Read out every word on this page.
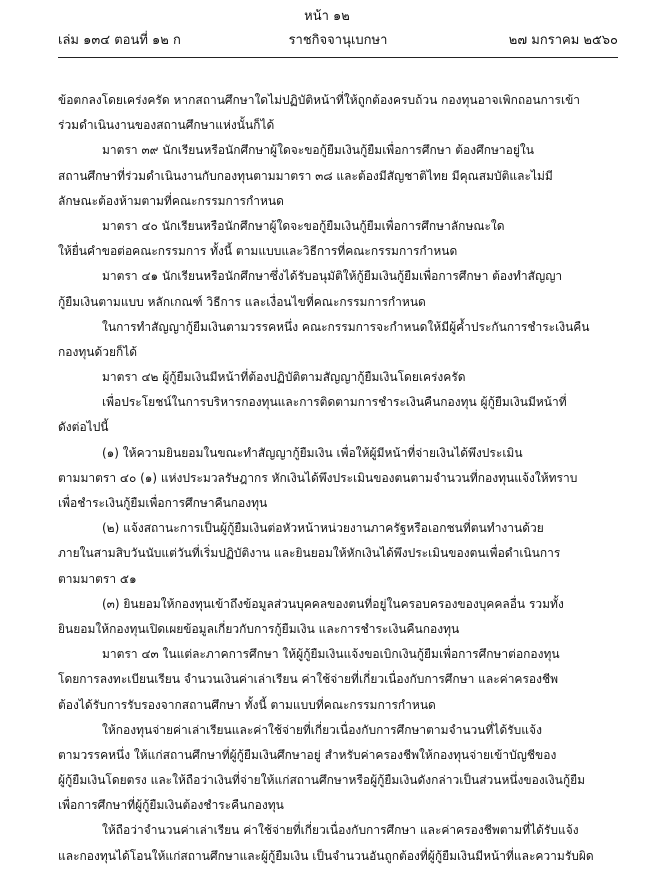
หน้า ๑๒
เล่ม ๑๓๔ ตอนที่ ๑๒ ก	ราชกิจจานุเบกษา	๒๗ มกราคม ๒๕๖๐
ข้อตกลงโดยเคร่งครัด หากสถานศึกษาใดไม่ปฏิบัติหน้าที่ให้ถูกต้องครบถ้วน กองทุนอาจเพิกถอนการเข้า
ร่วมดำเนินงานของสถานศึกษาแห่งนั้นก็ได้
มาตรา ๓๙ นักเรียนหรือนักศึกษาผู้ใดจะขอกู้ยืมเงินกู้ยืมเพื่อการศึกษา ต้องศึกษาอยู่ใน
สถานศึกษาที่ร่วมดำเนินงานกับกองทุนตามมาตรา ๓๘ และต้องมีสัญชาติไทย มีคุณสมบัติและไม่มี
ลักษณะต้องห้ามตามที่คณะกรรมการกำหนด
มาตรา ๔๐ นักเรียนหรือนักศึกษาผู้ใดจะขอกู้ยืมเงินกู้ยืมเพื่อการศึกษาลักษณะใด
ให้ยื่นคำขอต่อคณะกรรมการ ทั้งนี้ ตามแบบและวิธีการที่คณะกรรมการกำหนด
มาตรา ๔๑ นักเรียนหรือนักศึกษาซึ่งได้รับอนุมัติให้กู้ยืมเงินกู้ยืมเพื่อการศึกษา ต้องทำสัญญา
กู้ยืมเงินตามแบบ หลักเกณฑ์ วิธีการ และเงื่อนไขที่คณะกรรมการกำหนด
ในการทำสัญญากู้ยืมเงินตามวรรคหนึ่ง คณะกรรมการจะกำหนดให้มีผู้ค้ำประกันการชำระเงินคืน
กองทุนด้วยก็ได้
มาตรา ๔๒ ผู้กู้ยืมเงินมีหน้าที่ต้องปฏิบัติตามสัญญากู้ยืมเงินโดยเคร่งครัด
เพื่อประโยชน์ในการบริหารกองทุนและการติดตามการชำระเงินคืนกองทุน ผู้กู้ยืมเงินมีหน้าที่
ดังต่อไปนี้
(๑) ให้ความยินยอมในขณะทำสัญญากู้ยืมเงิน เพื่อให้ผู้มีหน้าที่จ่ายเงินได้พึงประเมิน
ตามมาตรา ๔๐ (๑) แห่งประมวลรัษฎากร หักเงินได้พึงประเมินของตนตามจำนวนที่กองทุนแจ้งให้ทราบ
เพื่อชำระเงินกู้ยืมเพื่อการศึกษาคืนกองทุน
(๒) แจ้งสถานะการเป็นผู้กู้ยืมเงินต่อหัวหน้าหน่วยงานภาครัฐหรือเอกชนที่ตนทำงานด้วย
ภายในสามสิบวันนับแต่วันที่เริ่มปฏิบัติงาน และยินยอมให้หักเงินได้พึงประเมินของตนเพื่อดำเนินการ
ตามมาตรา ๕๑
(๓) ยินยอมให้กองทุนเข้าถึงข้อมูลส่วนบุคคลของตนที่อยู่ในครอบครองของบุคคลอื่น รวมทั้ง
ยินยอมให้กองทุนเปิดเผยข้อมูลเกี่ยวกับการกู้ยืมเงิน และการชำระเงินคืนกองทุน
มาตรา ๔๓ ในแต่ละภาคการศึกษา ให้ผู้กู้ยืมเงินแจ้งขอเบิกเงินกู้ยืมเพื่อการศึกษาต่อกองทุน
โดยการลงทะเบียนเรียน จำนวนเงินค่าเล่าเรียน ค่าใช้จ่ายที่เกี่ยวเนื่องกับการศึกษา และค่าครองชีพ
ต้องได้รับการรับรองจากสถานศึกษา ทั้งนี้ ตามแบบที่คณะกรรมการกำหนด
ให้กองทุนจ่ายค่าเล่าเรียนและค่าใช้จ่ายที่เกี่ยวเนื่องกับการศึกษาตามจำนวนที่ได้รับแจ้ง
ตามวรรคหนึ่ง ให้แก่สถานศึกษาที่ผู้กู้ยืมเงินศึกษาอยู่ สำหรับค่าครองชีพให้กองทุนจ่ายเข้าบัญชีของ
ผู้กู้ยืมเงินโดยตรง และให้ถือว่าเงินที่จ่ายให้แก่สถานศึกษาหรือผู้กู้ยืมเงินดังกล่าวเป็นส่วนหนึ่งของเงินกู้ยืม
เพื่อการศึกษาที่ผู้กู้ยืมเงินต้องชำระคืนกองทุน
ให้ถือว่าจำนวนค่าเล่าเรียน ค่าใช้จ่ายที่เกี่ยวเนื่องกับการศึกษา และค่าครองชีพตามที่ได้รับแจ้ง
และกองทุนได้โอนให้แก่สถานศึกษาและผู้กู้ยืมเงิน เป็นจำนวนอันถูกต้องที่ผู้กู้ยืมเงินมีหน้าที่และความรับผิด
